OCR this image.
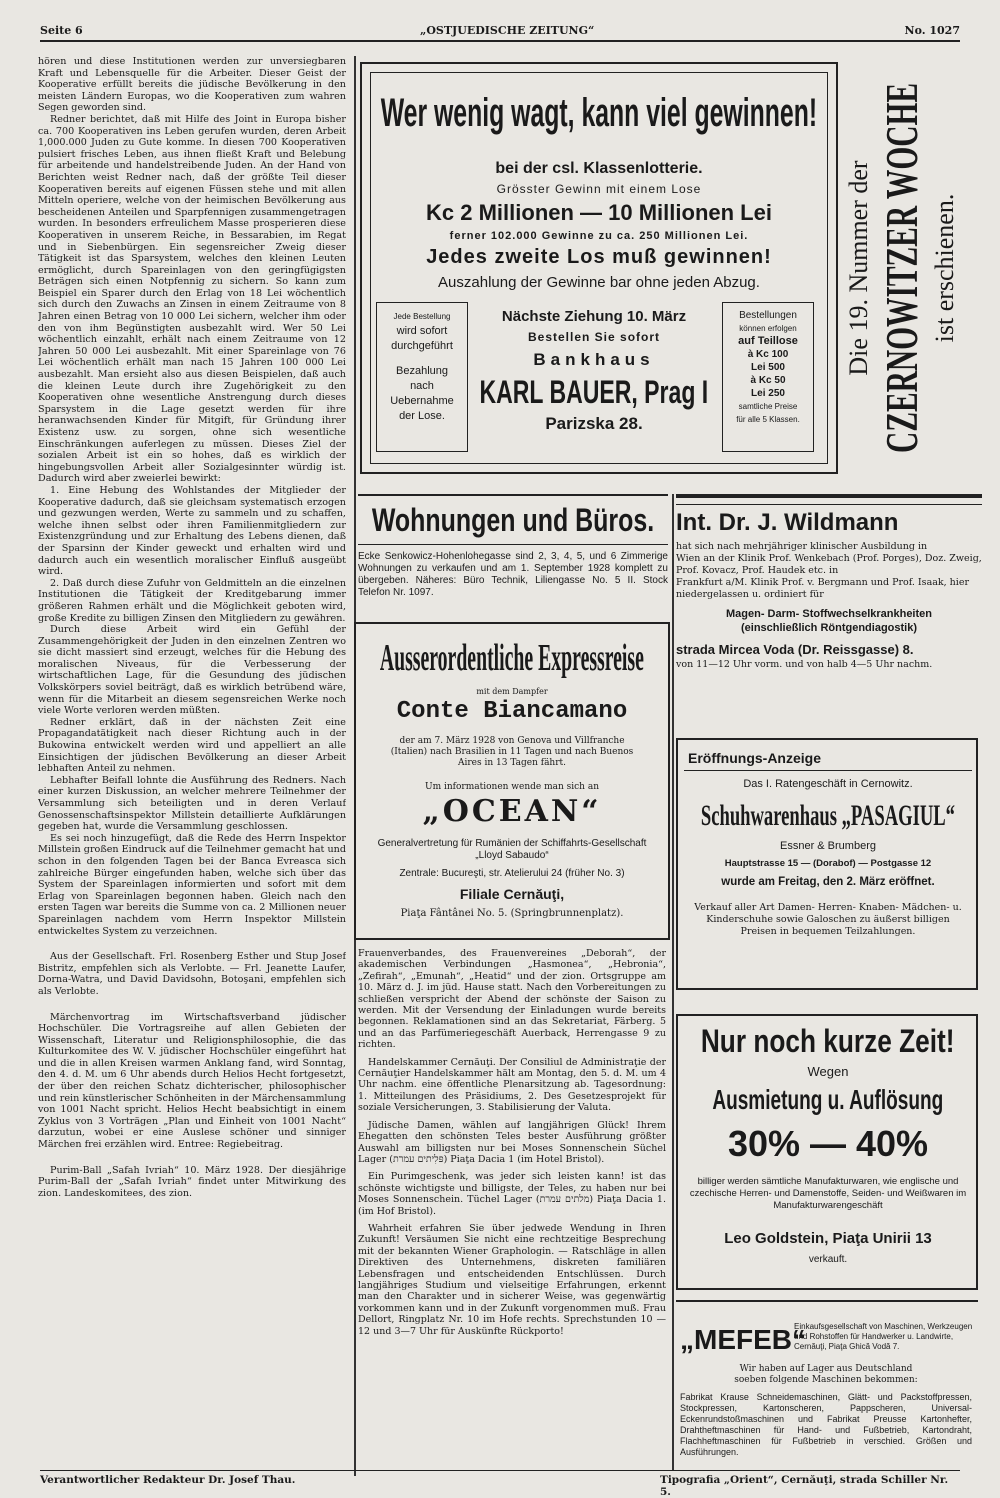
Seite 6	„OSTJUEDISCHE ZEITUNG“	No. 1027

hören und diese Institutionen werden zur unversiegbaren Kraft und Lebensquelle für die Arbeiter. Dieser Geist der Kooperative erfüllt bereits die jüdische Bevölkerung in den meisten Ländern Europas, wo die Kooperativen zum wahren Segen geworden sind.

Redner berichtet, daß mit Hilfe des Joint in Europa bisher ca. 700 Kooperativen ins Leben gerufen wurden, deren Arbeit 1,000.000 Juden zu Gute komme. In diesen 700 Kooperativen pulsiert frisches Leben, aus ihnen fließt Kraft und Belebung für arbeitende und handelstreibende Juden. An der Hand von Berichten weist Redner nach, daß der größte Teil dieser Kooperativen bereits auf eigenen Füssen stehe und mit allen Mitteln operiere, welche von der heimischen Bevölkerung aus bescheidenen Anteilen und Sparpfennigen zusammengetragen wurden. In besonders erfreulichem Masse prosperieren diese Kooperativen in unserem Reiche, in Bessarabien, im Regat und in Siebenbürgen. Ein segensreicher Zweig dieser Tätigkeit ist das Sparsystem, welches den kleinen Leuten ermöglicht, durch Spareinlagen von den geringfügigsten Beträgen sich einen Notpfennig zu sichern. So kann zum Beispiel ein Sparer durch den Erlag von 18 Lei wöchentlich sich durch den Zuwachs an Zinsen in einem Zeitraume von 8 Jahren einen Betrag von 10 000 Lei sichern, welcher ihm oder den von ihm Begünstigten ausbezahlt wird. Wer 50 Lei wöchentlich einzahlt, erhält nach einem Zeitraume von 12 Jahren 50 000 Lei ausbezahlt. Mit einer Spareinlage von 76 Lei wöchentlich erhält man nach 15 Jahren 100 000 Lei ausbezahlt. Man ersieht also aus diesen Beispielen, daß auch die kleinen Leute durch ihre Zugehörigkeit zu den Kooperativen ohne wesentliche Anstrengung durch dieses Sparsystem in die Lage gesetzt werden für ihre heranwachsenden Kinder für Mitgift, für Gründung ihrer Existenz usw. zu sorgen, ohne sich wesentliche Einschränkungen auferlegen zu müssen. Dieses Ziel der sozialen Arbeit ist ein so hohes, daß es wirklich der hingebungsvollen Arbeit aller Sozialgesinnter würdig ist. Dadurch wird aber zweierlei bewirkt:

1. Eine Hebung des Wohlstandes der Mitglieder der Kooperative dadurch, daß sie gleichsam systematisch erzogen und gezwungen werden, Werte zu sammeln und zu schaffen, welche ihnen selbst oder ihren Familienmitgliedern zur Existenzgründung und zur Erhaltung des Lebens dienen, daß der Sparsinn der Kinder geweckt und erhalten wird und dadurch auch ein wesentlich moralischer Einfluß ausgeübt wird.

2. Daß durch diese Zufuhr von Geldmitteln an die einzelnen Institutionen die Tätigkeit der Kreditgebarung immer größeren Rahmen erhält und die Möglichkeit geboten wird, große Kredite zu billigen Zinsen den Mitgliedern zu gewähren.

Durch diese Arbeit wird ein Gefühl der Zusammengehörigkeit der Juden in den einzelnen Zentren wo sie dicht massiert sind erzeugt, welches für die Hebung des moralischen Niveaus, für die Verbesserung der wirtschaftlichen Lage, für die Gesundung des jüdischen Volkskörpers soviel beiträgt, daß es wirklich betrübend wäre, wenn für die Mitarbeit an diesem segensreichen Werke noch viele Worte verloren werden müßten.

Redner erklärt, daß in der nächsten Zeit eine Propagandatätigkeit nach dieser Richtung auch in der Bukowina entwickelt werden wird und appelliert an alle Einsichtigen der jüdischen Bevölkerung an dieser Arbeit lebhaften Anteil zu nehmen.

Lebhafter Beifall lohnte die Ausführung des Redners. Nach einer kurzen Diskussion, an welcher mehrere Teilnehmer der Versammlung sich beteiligten und in deren Verlauf Genossenschaftsinspektor Millstein detaillierte Aufklärungen gegeben hat, wurde die Versammlung geschlossen.

Es sei noch hinzugefügt, daß die Rede des Herrn Inspektor Millstein großen Eindruck auf die Teilnehmer gemacht hat und schon in den folgenden Tagen bei der Banca Evreasca sich zahlreiche Bürger eingefunden haben, welche sich über das System der Spareinlagen informierten und sofort mit dem Erlag von Spareinlagen begonnen haben. Gleich nach den ersten Tagen war bereits die Summe von ca. 2 Millionen neuer Spareinlagen nachdem vom Herrn Inspektor Millstein entwickeltes System zu verzeichnen.

Aus der Gesellschaft. Frl. Rosenberg Esther und Stup Josef Bistritz, empfehlen sich als Verlobte. — Frl. Jeanette Laufer, Dorna-Watra, und David Davidsohn, Botoşani, empfehlen sich als Verlobte.

Märchenvortrag im Wirtschaftsverband jüdischer Hochschüler. Die Vortragsreihe auf allen Gebieten der Wissenschaft, Literatur und Religionsphilosophie, die das Kulturkomitee des W. V. jüdischer Hochschüler eingeführt hat und die in allen Kreisen warmen Anklang fand, wird Sonntag, den 4. d. M. um 6 Uhr abends durch Helios Hecht fortgesetzt, der über den reichen Schatz dichterischer, philosophischer und rein künstlerischer Schönheiten in der Märchensammlung von 1001 Nacht spricht. Helios Hecht beabsichtigt in einem Zyklus von 3 Vorträgen „Plan und Einheit von 1001 Nacht“ darzutun, wobei er eine Auslese schöner und sinniger Märchen frei erzählen wird. Entree: Regiebeitrag.

Purim-Ball „Safah Ivriah“ 10. März 1928. Der diesjährige Purim-Ball der „Safah Ivriah“ findet unter Mitwirkung des zion. Landeskomitees, des zion.

Wer wenig wagt, kann viel gewinnen!
bei der csl. Klassenlotterie.
Grösster Gewinn mit einem Lose
Kc 2 Millionen — 10 Millionen Lei
ferner 102.000 Gewinne zu ca. 250 Millionen Lei.
Jedes zweite Los muß gewinnen!
Auszahlung der Gewinne bar ohne jeden Abzug.
Jede Bestellung
wird sofort
durchgeführt
Bezahlung
nach
Uebernahme
der Lose.
Nächste Ziehung 10. März
Bestellen Sie sofort
Bankhaus
KARL BAUER, Prag I
Parizska 28.
Bestellungen
können erfolgen
auf Teillose
à Kc 100
Lei 500
à Kc 50
Lei 250
samtliche Preise
für alle 5 Klassen.
Die 19. Nummer der CZERNOWITZER WOCHE ist erschienen.
Wohnungen und Büros.
Ecke Senkowicz-Hohenlohegasse sind 2, 3, 4, 5, und 6 Zimmerige Wohnungen zu verkaufen und am 1. September 1928 komplett zu übergeben. Näheres: Büro Technik, Liliengasse No. 5 II. Stock Telefon Nr. 1097.
Ausserordentliche Expressreise
mit dem Dampfer
Conte Biancamano
der am 7. März 1928 von Genova und Villfranche (Italien) nach Brasilien in 11 Tagen und nach Buenos Aires in 13 Tagen fährt.
Um informationen wende man sich an
„OCEAN“
Generalvertretung für Rumänien der Schiffahrts-Gesellschaft „Lloyd Sabaudo“
Zentrale: Bucureşti, str. Atelierului 24 (früher No. 3)
Filiale Cernăuţi,
Piaţa Fântânei No. 5. (Springbrunnenplatz).

Frauenverbandes, des Frauenvereines „Deborah“, der akademischen Verbindungen „Hasmonea“, „Hebronia“, „Zefirah“, „Emunah“, „Heatid“ und der zion. Ortsgruppe am 10. März d. J. im jüd. Hause statt. Nach den Vorbereitungen zu schließen verspricht der Abend der schönste der Saison zu werden. Mit der Versendung der Einladungen wurde bereits begonnen. Reklamationen sind an das Sekretariat, Färberg. 5 und an das Parfümeriegeschäft Auerback, Herrengasse 9 zu richten.

Handelskammer Cernăuţi. Der Consiliul de Administraţie der Cernăuţier Handelskammer hält am Montag, den 5. d. M. um 4 Uhr nachm. eine öffentliche Plenarsitzung ab. Tagesordnung: 1. Mitteilungen des Präsidiums, 2. Des Gesetzesprojekt für soziale Versicherungen, 3. Stabilisierung der Valuta.

Jüdische Damen, wählen auf langjährigen Glück! Ihrem Ehegatten den schönsten Teles bester Ausführung größter Auswahl am billigsten nur bei Moses Sonnenschein Süchel Lager (פּלִיתים עמרת) Piaţa Dacia 1 (im Hotel Bristol).

Ein Purimgeschenk, was jeder sich leisten kann! ist das schönste wichtigste und billigste, der Teles, zu haben nur bei Moses Sonnenschein. Tüchel Lager (מלתים עמרת) Piaţa Dacia 1. (im Hof Bristol).

Wahrheit erfahren Sie über jedwede Wendung in Ihren Zukunft! Versäumen Sie nicht eine rechtzeitige Besprechung mit der bekannten Wiener Graphologin. — Ratschläge in allen Direktiven des Unternehmens, diskreten familiären Lebensfragen und entscheidenden Entschlüssen. Durch langjähriges Studium und vielseitige Erfahrungen, erkennt man den Charakter und in sicherer Weise, was gegenwärtig vorkommen kann und in der Zukunft vorgenommen muß. Frau Dellort, Ringplatz Nr. 10 im Hofe rechts. Sprechstunden 10 — 12 und 3—7 Uhr für Auskünfte Rückporto!

Int. Dr. J. Wildmann
hat sich nach mehrjähriger klinischer Ausbildung in
Wien an der Klinik Prof. Wenkebach (Prof. Porges), Doz. Zweig, Prof. Kovacz, Prof. Haudek etc. in
Frankfurt a/M. Klinik Prof. v. Bergmann und Prof. Isaak, hier niedergelassen u. ordiniert für
Magen- Darm- Stoffwechselkrankheiten
(einschließlich Röntgendiagostik)
strada Mircea Voda (Dr. Reissgasse) 8.
von 11—12 Uhr vorm. und von halb 4—5 Uhr nachm.
Eröffnungs-Anzeige
Das I. Ratengeschäft in Cernowitz.
Schuhwarenhaus „PASAGIUL“
Essner & Brumberg
Hauptstrasse 15 — (Dorabof) — Postgasse 12
wurde am Freitag, den 2. März eröffnet.
Verkauf aller Art Damen- Herren- Knaben- Mädchen- u. Kinderschuhe sowie Galoschen zu äußerst billigen Preisen in bequemen Teilzahlungen.
Nur noch kurze Zeit!
Wegen
Ausmietung u. Auflösung
30% — 40%
billiger werden sämtliche Manufakturwaren, wie englische und czechische Herren- und Damenstoffe, Seiden- und Weißwaren im Manufakturwarengeschäft
Leo Goldstein, Piaţa Unirii 13
verkauft.
„MEFEB“
Einkaufsgesellschaft von Maschinen, Werkzeugen und Rohstoffen für Handwerker u. Landwirte, Cernăuţi, Piaţa Ghică Vodă 7.
Wir haben auf Lager aus Deutschland
soeben folgende Maschinen bekommen:
Fabrikat Krause Schneidemaschinen, Glätt- und Packstoffpressen, Stockpressen, Kartonscheren, Pappscheren, Universal-Eckenrundstoßmaschinen und Fabrikat Preusse Kartonhefter, Drahtheftmaschinen für Hand- und Fußbetrieb, Kartondraht, Flachheftmaschinen für Fußbetrieb in verschied. Größen und Ausführungen.
Verantwortlicher Redakteur Dr. Josef Thau.	Tipografia „Orient“, Cernăuţi, strada Schiller Nr. 5.
